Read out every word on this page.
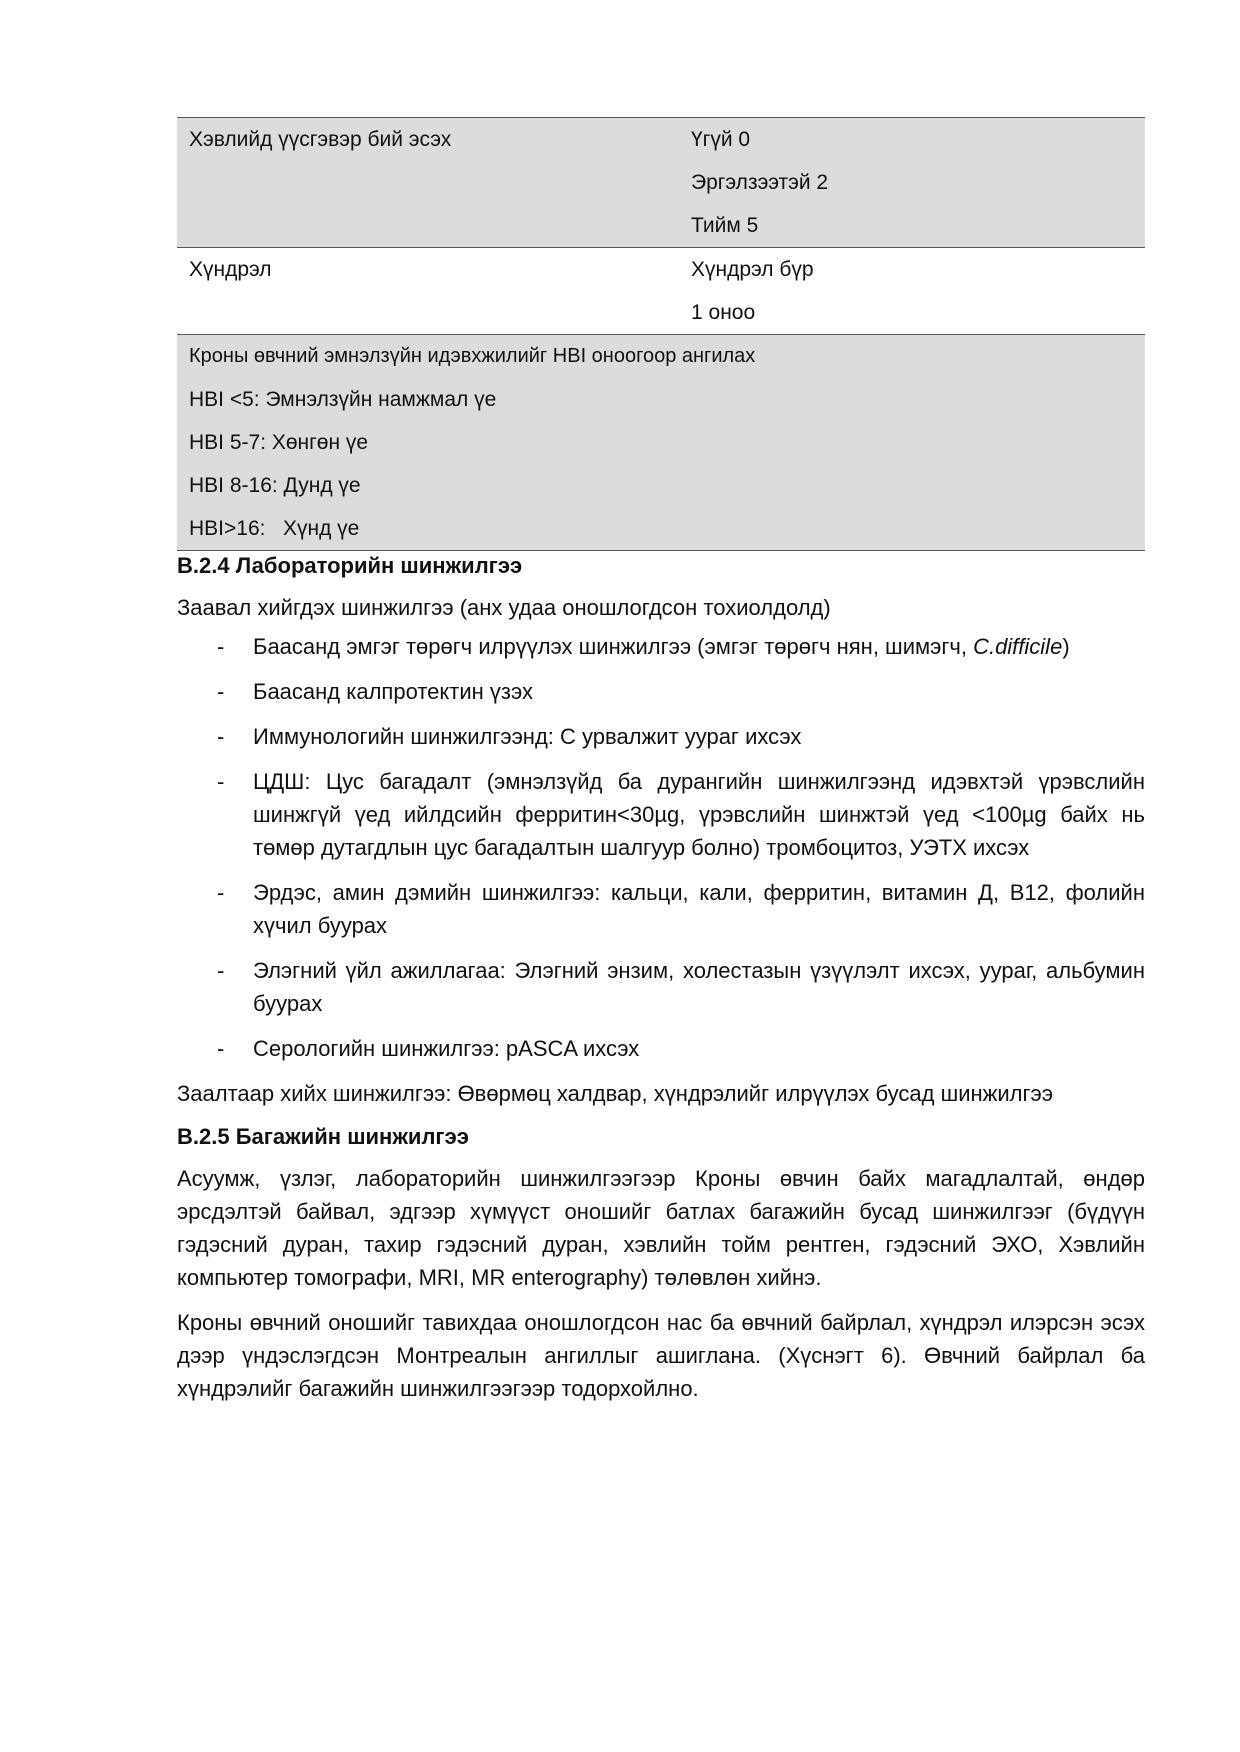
Хэвлийд үүсгэвэр бий эсэх	Үгүй 0
Эргэлзээтэй 2
Тийм 5
Хүндрэл	Хүндрэл бүр
1 оноо
Кроны өвчний эмнэлзүйн идэвхжилийг HBI оноогоор ангилах
HBI <5: Эмнэлзүйн намжмал үе
HBI 5-7: Хөнгөн үе
HBI 8-16: Дунд үе
HBI>16:   Хүнд үе
B.2.4 Лабораторийн шинжилгээ

Заавал хийгдэх шинжилгээ (анх удаа оношлогдсон тохиолдолд)

- Баасанд эмгэг төрөгч илрүүлэх шинжилгээ (эмгэг төрөгч нян, шимэгч, C.difficile)
- Баасанд калпротектин үзэх
- Иммунологийн шинжилгээнд: С урвалжит уураг ихсэх
- ЦДШ: Цус багадалт (эмнэлзүйд ба дурангийн шинжилгээнд идэвхтэй үрэвслийн шинжгүй үед ийлдсийн ферритин<30µg, үрэвслийн шинжтэй үед <100µg байх нь төмөр дутагдлын цус багадалтын шалгуур болно) тромбоцитоз, УЭТХ ихсэх
- Эрдэс, амин дэмийн шинжилгээ: кальци, кали, ферритин, витамин Д, B12, фолийн хүчил буурах
- Элэгний үйл ажиллагаа: Элэгний энзим, холестазын үзүүлэлт ихсэх, уураг, альбумин буурах
- Серологийн шинжилгээ: pASCA ихсэх

Заалтаар хийх шинжилгээ: Өвөрмөц халдвар, хүндрэлийг илрүүлэх бусад шинжилгээ

B.2.5 Багажийн шинжилгээ

Асуумж, үзлэг, лабораторийн шинжилгээгээр Кроны өвчин байх магадлалтай, өндөр эрсдэлтэй байвал, эдгээр хүмүүст оношийг батлах багажийн бусад шинжилгээг (бүдүүн гэдэсний дуран, тахир гэдэсний дуран, хэвлийн тойм рентген, гэдэсний ЭХО, Хэвлийн компьютер томографи, MRI, MR enterography) төлөвлөн хийнэ.

Кроны өвчний оношийг тавихдаа оношлогдсон нас ба өвчний байрлал, хүндрэл илэрсэн эсэх дээр үндэслэгдсэн Монтреалын ангиллыг ашиглана. (Хүснэгт 6). Өвчний байрлал ба хүндрэлийг багажийн шинжилгээгээр тодорхойлно.
